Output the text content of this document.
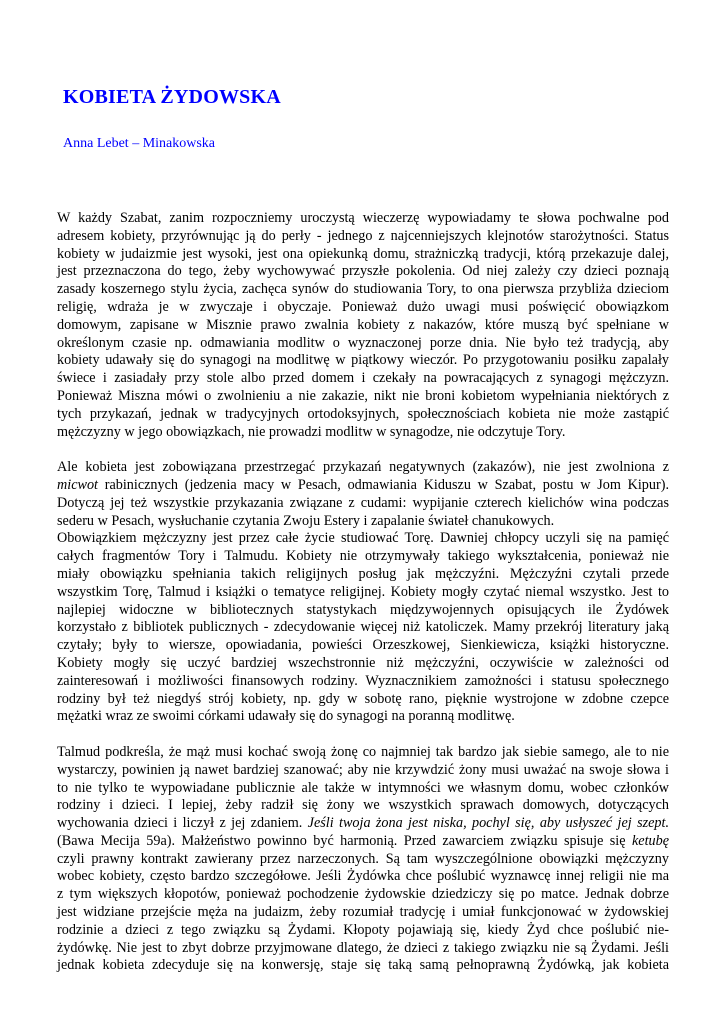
KOBIETA ŻYDOWSKA

Anna Lebet – Minakowska

W każdy Szabat, zanim rozpoczniemy uroczystą wieczerzę wypowiadamy te słowa pochwalne pod
adresem kobiety, przyrównując ją do perły - jednego z najcenniejszych klejnotów starożytności. Status
kobiety w judaizmie jest wysoki, jest ona opiekunką domu, strażniczką tradycji, którą przekazuje dalej,
jest przeznaczona do tego, żeby wychowywać przyszłe pokolenia. Od niej zależy czy dzieci poznają
zasady koszernego stylu życia, zachęca synów do studiowania Tory, to ona pierwsza przybliża dzieciom
religię, wdraża je w zwyczaje i obyczaje. Ponieważ dużo uwagi musi poświęcić obowiązkom
domowym, zapisane w Misznie prawo zwalnia kobiety z nakazów, które muszą być spełniane w
określonym czasie np. odmawiania modlitw o wyznaczonej porze dnia. Nie było też tradycją, aby
kobiety udawały się do synagogi na modlitwę w piątkowy wieczór. Po przygotowaniu posiłku zapalały
świece i zasiadały przy stole albo przed domem i czekały na powracających z synagogi mężczyzn.
Ponieważ Miszna mówi o zwolnieniu a nie zakazie, nikt nie broni kobietom wypełniania niektórych z
tych przykazań, jednak w tradycyjnych ortodoksyjnych, społecznościach kobieta nie może zastąpić
mężczyzny w jego obowiązkach, nie prowadzi modlitw w synagodze, nie odczytuje Tory.

Ale kobieta jest zobowiązana przestrzegać przykazań negatywnych (zakazów), nie jest zwolniona z
micwot rabinicznych (jedzenia macy w Pesach, odmawiania Kiduszu w Szabat, postu w Jom Kipur).
Dotyczą jej też wszystkie przykazania związane z cudami: wypijanie czterech kielichów wina podczas
sederu w Pesach, wysłuchanie czytania Zwoju Estery i zapalanie świateł chanukowych.

Obowiązkiem mężczyzny jest przez całe życie studiować Torę. Dawniej chłopcy uczyli się na pamięć
całych fragmentów Tory i Talmudu. Kobiety nie otrzymywały takiego wykształcenia, ponieważ nie
miały obowiązku spełniania takich religijnych posług jak mężczyźni. Mężczyźni czytali przede
wszystkim Torę, Talmud i książki o tematyce religijnej. Kobiety mogły czytać niemal wszystko. Jest to
najlepiej widoczne w bibliotecznych statystykach międzywojennych opisujących ile Żydówek
korzystało z bibliotek publicznych - zdecydowanie więcej niż katoliczek. Mamy przekrój literatury jaką
czytały; były to wiersze, opowiadania, powieści Orzeszkowej, Sienkiewicza, książki historyczne.
Kobiety mogły się uczyć bardziej wszechstronnie niż mężczyźni, oczywiście w zależności od
zainteresowań i możliwości finansowych rodziny. Wyznacznikiem zamożności i statusu społecznego
rodziny był też niegdyś strój kobiety, np. gdy w sobotę rano, pięknie wystrojone w zdobne czepce
mężatki wraz ze swoimi córkami udawały się do synagogi na poranną modlitwę.

Talmud podkreśla, że mąż musi kochać swoją żonę co najmniej tak bardzo jak siebie samego, ale to nie
wystarczy, powinien ją nawet bardziej szanować; aby nie krzywdzić żony musi uważać na swoje słowa i
to nie tylko te wypowiadane publicznie ale także w intymności we własnym domu, wobec członków
rodziny i dzieci. I lepiej, żeby radził się żony we wszystkich sprawach domowych, dotyczących
wychowania dzieci i liczył z jej zdaniem. Jeśli twoja żona jest niska, pochyl się, aby usłyszeć jej szept.
(Bawa Mecija 59a). Małżeństwo powinno być harmonią. Przed zawarciem związku spisuje się ketubę
czyli prawny kontrakt zawierany przez narzeczonych. Są tam wyszczególnione obowiązki mężczyzny
wobec kobiety, często bardzo szczegółowe. Jeśli Żydówka chce poślubić wyznawcę innej religii nie ma
z tym większych kłopotów, ponieważ pochodzenie żydowskie dziedziczy się po matce. Jednak dobrze
jest widziane przejście męża na judaizm, żeby rozumiał tradycję i umiał funkcjonować w żydowskiej
rodzinie a dzieci z tego związku są Żydami. Kłopoty pojawiają się, kiedy Żyd chce poślubić nie-
żydówkę. Nie jest to zbyt dobrze przyjmowane dlatego, że dzieci z takiego związku nie są Żydami. Jeśli
jednak kobieta zdecyduje się na konwersję, staje się taką samą pełnoprawną Żydówką, jak kobieta
